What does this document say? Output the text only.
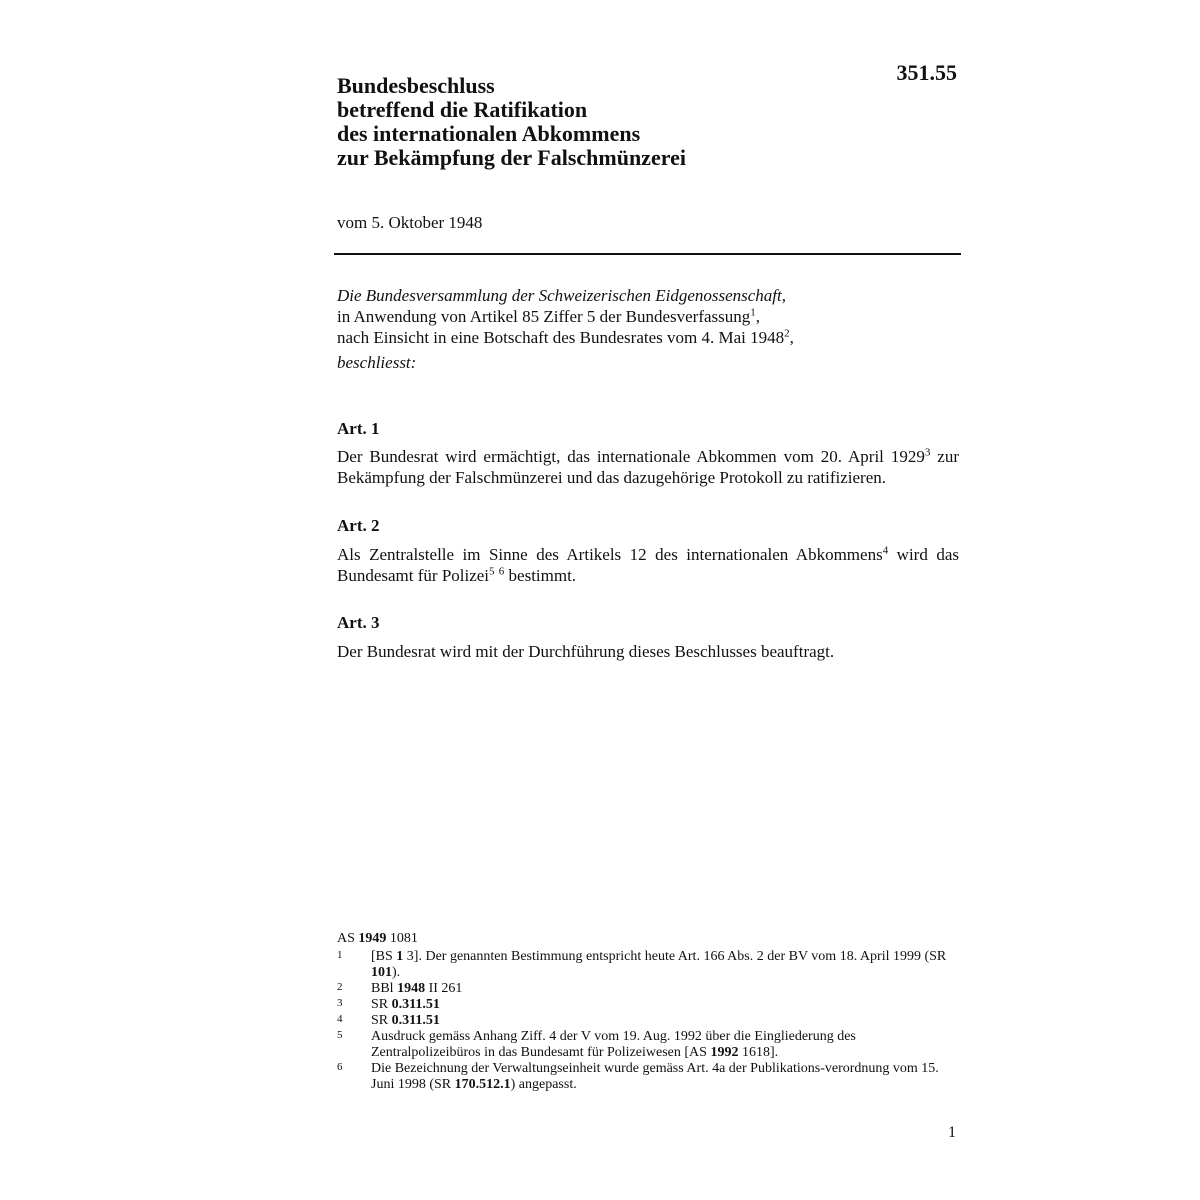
Bundesbeschluss
betreffend die Ratifikation
des internationalen Abkommens
zur Bekämpfung der Falschmünzerei
351.55
vom 5. Oktober 1948
Die Bundesversammlung der Schweizerischen Eidgenossenschaft,
in Anwendung von Artikel 85 Ziffer 5 der Bundesverfassung$^1$,
nach Einsicht in eine Botschaft des Bundesrates vom 4. Mai 1948$^2$,
beschliesst:
Art. 1
Der Bundesrat wird ermächtigt, das internationale Abkommen vom 20. April 1929$^3$ zur Bekämpfung der Falschmünzerei und das dazugehörige Protokoll zu ratifizieren.
Art. 2
Als Zentralstelle im Sinne des Artikels 12 des internationalen Abkommens$^4$ wird das Bundesamt für Polizei$^5$ $^6$ bestimmt.
Art. 3
Der Bundesrat wird mit der Durchführung dieses Beschlusses beauftragt.
AS 1949 1081
1	[BS 1 3]. Der genannten Bestimmung entspricht heute Art. 166 Abs. 2 der BV vom 18. April 1999 (SR 101).
2	BBl 1948 II 261
3	SR 0.311.51
4	SR 0.311.51
5	Ausdruck gemäss Anhang Ziff. 4 der V vom 19. Aug. 1992 über die Eingliederung des Zentralpolizeibüros in das Bundesamt für Polizeiwesen [AS 1992 1618].
6	Die Bezeichnung der Verwaltungseinheit wurde gemäss Art. 4a der Publikations-verordnung vom 15. Juni 1998 (SR 170.512.1) angepasst.
1
